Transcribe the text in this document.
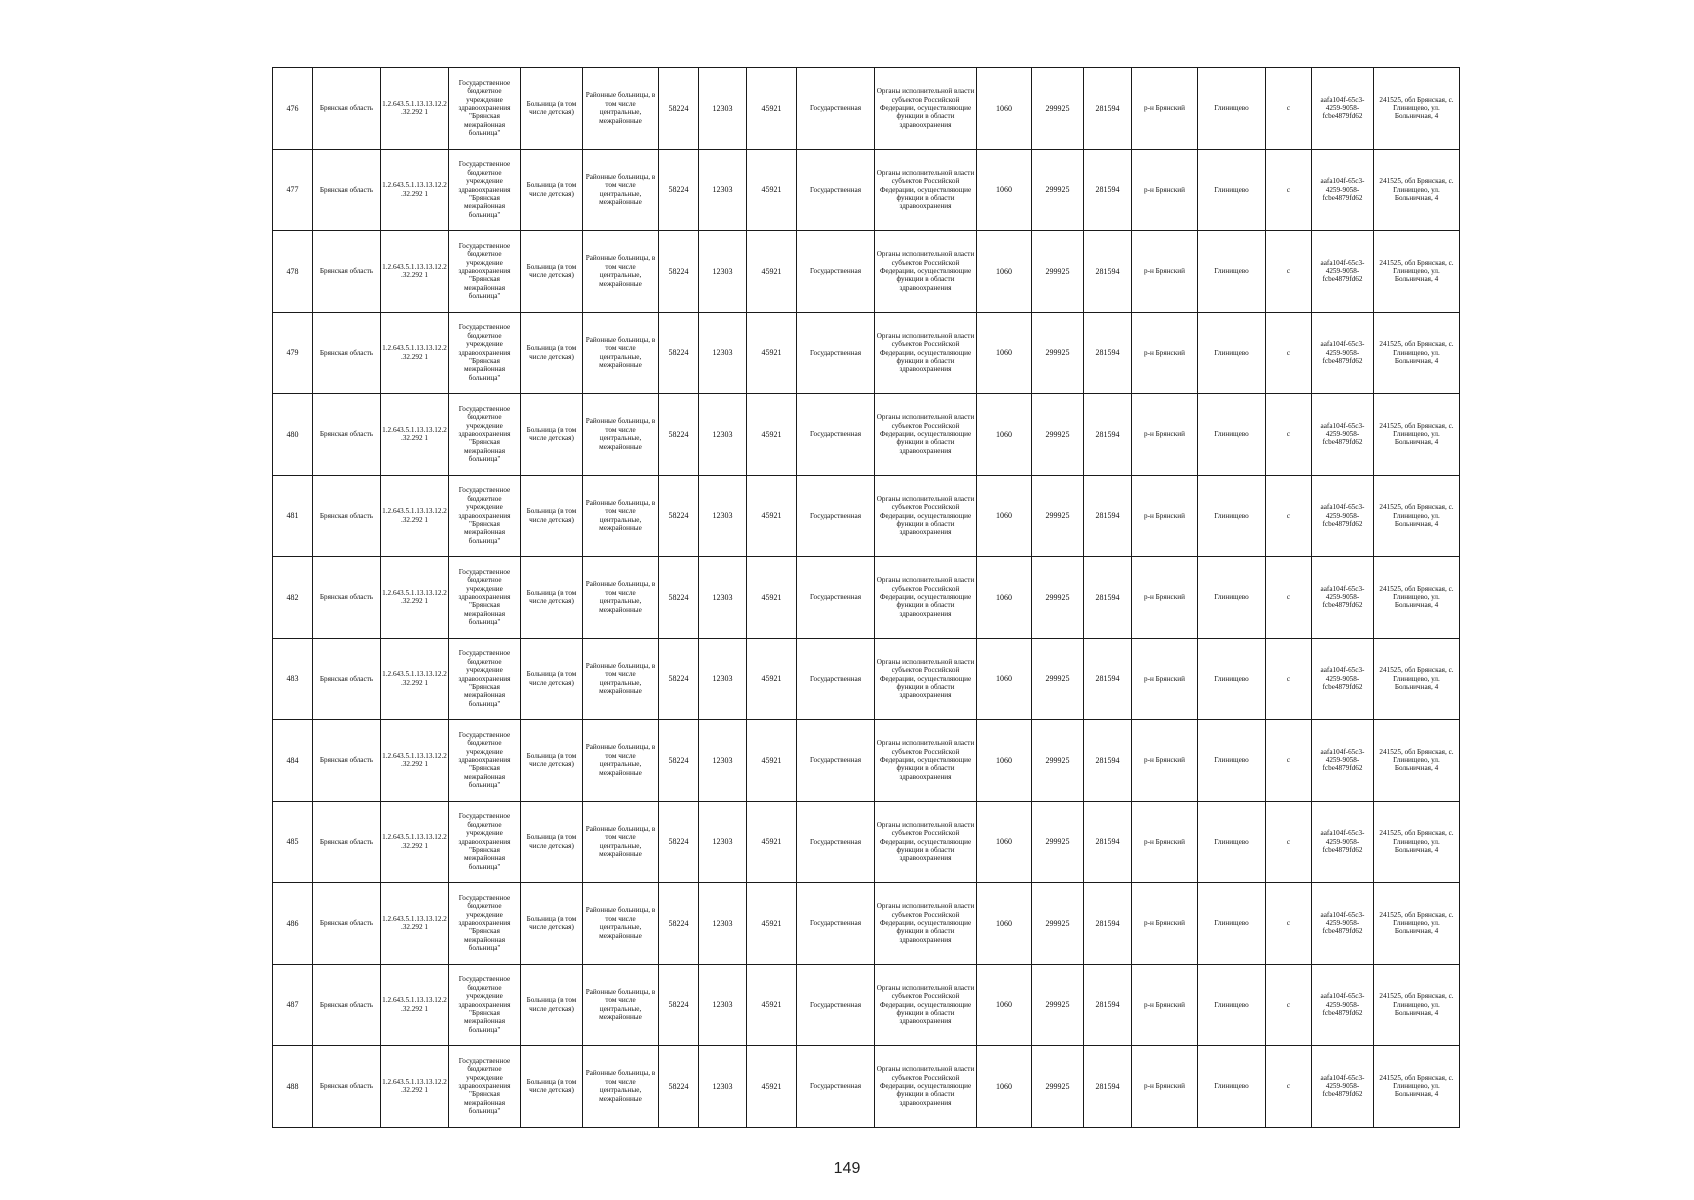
476	Брянская область	1.2.643.5.1.13.13.12.2.32.292 1	Государственное бюджетное учреждение здравоохранения "Брянская межрайонная больница"	Больница (в том числе детская)	Районные больницы, в том числе центральные, межрайонные	58224	12303	45921	Государственная	Органы исполнительной власти субъектов Российской Федерации, осуществляющие функции в области здравоохранения	1060	299925	281594	р-н Брянский	Глинищево	с	aafa104f-65c3-4259-9058-fcbe4879fd62	241525, обл Брянская, с. Глинищево, ул. Больничная, 4
477	Брянская область	1.2.643.5.1.13.13.12.2.32.292 1	Государственное бюджетное учреждение здравоохранения "Брянская межрайонная больница"	Больница (в том числе детская)	Районные больницы, в том числе центральные, межрайонные	58224	12303	45921	Государственная	Органы исполнительной власти субъектов Российской Федерации, осуществляющие функции в области здравоохранения	1060	299925	281594	р-н Брянский	Глинищево	с	aafa104f-65c3-4259-9058-fcbe4879fd62	241525, обл Брянская, с. Глинищево, ул. Больничная, 4
478	Брянская область	1.2.643.5.1.13.13.12.2.32.292 1	Государственное бюджетное учреждение здравоохранения "Брянская межрайонная больница"	Больница (в том числе детская)	Районные больницы, в том числе центральные, межрайонные	58224	12303	45921	Государственная	Органы исполнительной власти субъектов Российской Федерации, осуществляющие функции в области здравоохранения	1060	299925	281594	р-н Брянский	Глинищево	с	aafa104f-65c3-4259-9058-fcbe4879fd62	241525, обл Брянская, с. Глинищево, ул. Больничная, 4
479	Брянская область	1.2.643.5.1.13.13.12.2.32.292 1	Государственное бюджетное учреждение здравоохранения "Брянская межрайонная больница"	Больница (в том числе детская)	Районные больницы, в том числе центральные, межрайонные	58224	12303	45921	Государственная	Органы исполнительной власти субъектов Российской Федерации, осуществляющие функции в области здравоохранения	1060	299925	281594	р-н Брянский	Глинищево	с	aafa104f-65c3-4259-9058-fcbe4879fd62	241525, обл Брянская, с. Глинищево, ул. Больничная, 4
480	Брянская область	1.2.643.5.1.13.13.12.2.32.292 1	Государственное бюджетное учреждение здравоохранения "Брянская межрайонная больница"	Больница (в том числе детская)	Районные больницы, в том числе центральные, межрайонные	58224	12303	45921	Государственная	Органы исполнительной власти субъектов Российской Федерации, осуществляющие функции в области здравоохранения	1060	299925	281594	р-н Брянский	Глинищево	с	aafa104f-65c3-4259-9058-fcbe4879fd62	241525, обл Брянская, с. Глинищево, ул. Больничная, 4
481	Брянская область	1.2.643.5.1.13.13.12.2.32.292 1	Государственное бюджетное учреждение здравоохранения "Брянская межрайонная больница"	Больница (в том числе детская)	Районные больницы, в том числе центральные, межрайонные	58224	12303	45921	Государственная	Органы исполнительной власти субъектов Российской Федерации, осуществляющие функции в области здравоохранения	1060	299925	281594	р-н Брянский	Глинищево	с	aafa104f-65c3-4259-9058-fcbe4879fd62	241525, обл Брянская, с. Глинищево, ул. Больничная, 4
482	Брянская область	1.2.643.5.1.13.13.12.2.32.292 1	Государственное бюджетное учреждение здравоохранения "Брянская межрайонная больница"	Больница (в том числе детская)	Районные больницы, в том числе центральные, межрайонные	58224	12303	45921	Государственная	Органы исполнительной власти субъектов Российской Федерации, осуществляющие функции в области здравоохранения	1060	299925	281594	р-н Брянский	Глинищево	с	aafa104f-65c3-4259-9058-fcbe4879fd62	241525, обл Брянская, с. Глинищево, ул. Больничная, 4
483	Брянская область	1.2.643.5.1.13.13.12.2.32.292 1	Государственное бюджетное учреждение здравоохранения "Брянская межрайонная больница"	Больница (в том числе детская)	Районные больницы, в том числе центральные, межрайонные	58224	12303	45921	Государственная	Органы исполнительной власти субъектов Российской Федерации, осуществляющие функции в области здравоохранения	1060	299925	281594	р-н Брянский	Глинищево	с	aafa104f-65c3-4259-9058-fcbe4879fd62	241525, обл Брянская, с. Глинищево, ул. Больничная, 4
484	Брянская область	1.2.643.5.1.13.13.12.2.32.292 1	Государственное бюджетное учреждение здравоохранения "Брянская межрайонная больница"	Больница (в том числе детская)	Районные больницы, в том числе центральные, межрайонные	58224	12303	45921	Государственная	Органы исполнительной власти субъектов Российской Федерации, осуществляющие функции в области здравоохранения	1060	299925	281594	р-н Брянский	Глинищево	с	aafa104f-65c3-4259-9058-fcbe4879fd62	241525, обл Брянская, с. Глинищево, ул. Больничная, 4
485	Брянская область	1.2.643.5.1.13.13.12.2.32.292 1	Государственное бюджетное учреждение здравоохранения "Брянская межрайонная больница"	Больница (в том числе детская)	Районные больницы, в том числе центральные, межрайонные	58224	12303	45921	Государственная	Органы исполнительной власти субъектов Российской Федерации, осуществляющие функции в области здравоохранения	1060	299925	281594	р-н Брянский	Глинищево	с	aafa104f-65c3-4259-9058-fcbe4879fd62	241525, обл Брянская, с. Глинищево, ул. Больничная, 4
486	Брянская область	1.2.643.5.1.13.13.12.2.32.292 1	Государственное бюджетное учреждение здравоохранения "Брянская межрайонная больница"	Больница (в том числе детская)	Районные больницы, в том числе центральные, межрайонные	58224	12303	45921	Государственная	Органы исполнительной власти субъектов Российской Федерации, осуществляющие функции в области здравоохранения	1060	299925	281594	р-н Брянский	Глинищево	с	aafa104f-65c3-4259-9058-fcbe4879fd62	241525, обл Брянская, с. Глинищево, ул. Больничная, 4
487	Брянская область	1.2.643.5.1.13.13.12.2.32.292 1	Государственное бюджетное учреждение здравоохранения "Брянская межрайонная больница"	Больница (в том числе детская)	Районные больницы, в том числе центральные, межрайонные	58224	12303	45921	Государственная	Органы исполнительной власти субъектов Российской Федерации, осуществляющие функции в области здравоохранения	1060	299925	281594	р-н Брянский	Глинищево	с	aafa104f-65c3-4259-9058-fcbe4879fd62	241525, обл Брянская, с. Глинищево, ул. Больничная, 4
488	Брянская область	1.2.643.5.1.13.13.12.2.32.292 1	Государственное бюджетное учреждение здравоохранения "Брянская межрайонная больница"	Больница (в том числе детская)	Районные больницы, в том числе центральные, межрайонные	58224	12303	45921	Государственная	Органы исполнительной власти субъектов Российской Федерации, осуществляющие функции в области здравоохранения	1060	299925	281594	р-н Брянский	Глинищево	с	aafa104f-65c3-4259-9058-fcbe4879fd62	241525, обл Брянская, с. Глинищево, ул. Больничная, 4
149
